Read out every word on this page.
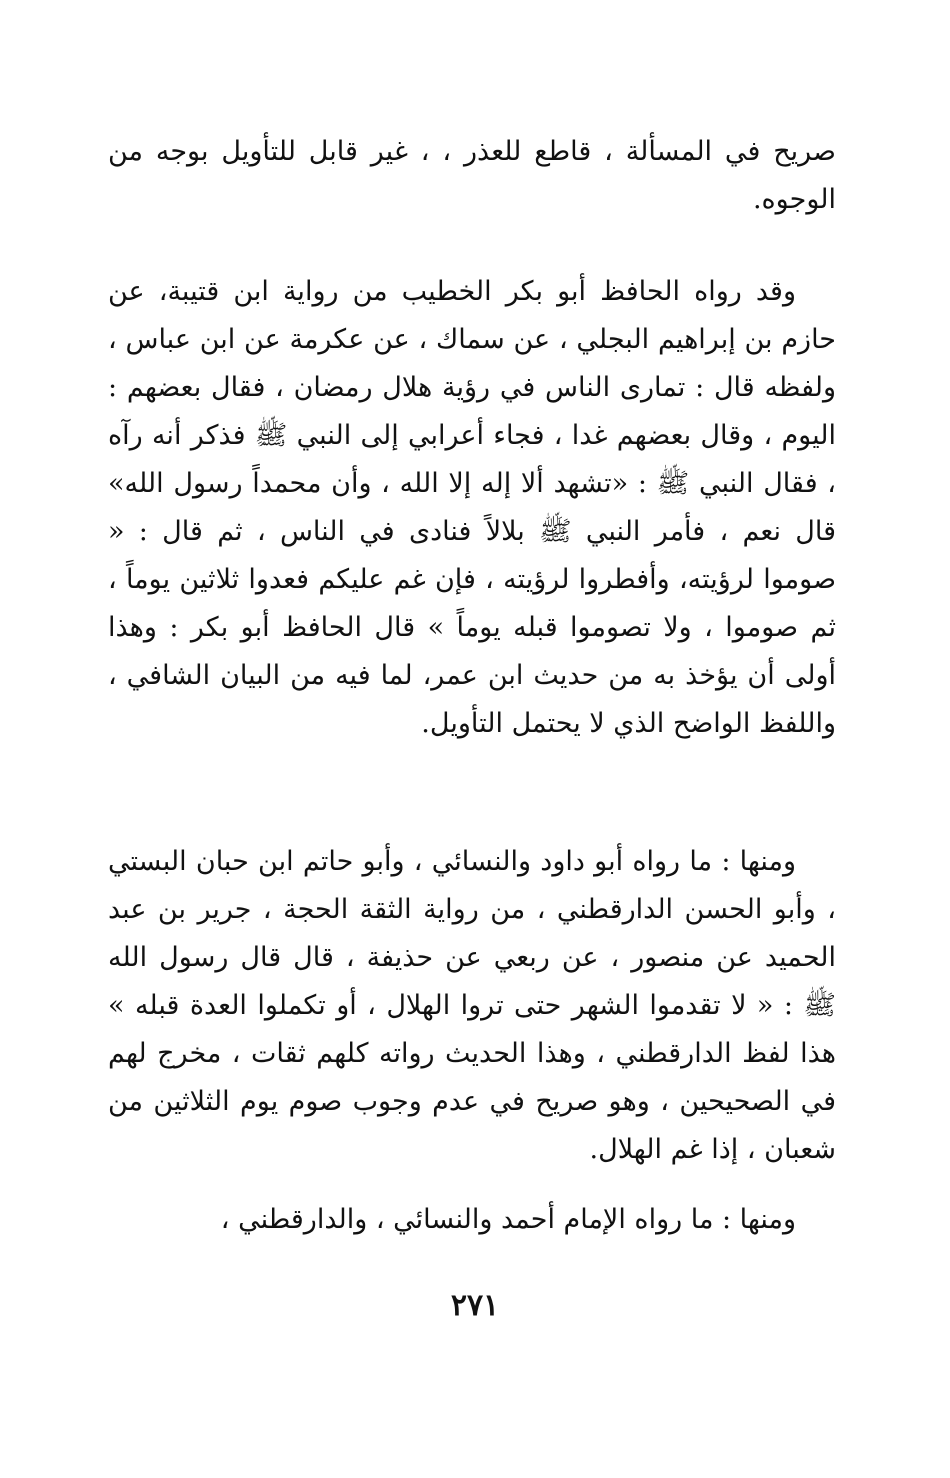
صريح في المسألة ، قاطع للعذر ، ، غير قابل للتأويل بوجه من الوجوه.

وقد رواه الحافظ أبو بكر الخطيب من رواية ابن قتيبة، عن حازم بن إبراهيم البجلي ، عن سماك ، عن عكرمة عن ابن عباس ، ولفظه قال : تمارى الناس في رؤية هلال رمضان ، فقال بعضهم : اليوم ، وقال بعضهم غدا ، فجاء أعرابي إلى النبي ﷺ فذكر أنه رآه ، فقال النبي ﷺ : «تشهد ألا إله إلا الله ، وأن محمداً رسول الله» قال نعم ، فأمر النبي ﷺ بلالاً فنادى في الناس ، ثم قال : « صوموا لرؤيته، وأفطروا لرؤيته ، فإن غم عليكم فعدوا ثلاثين يوماً ، ثم صوموا ، ولا تصوموا قبله يوماً » قال الحافظ أبو بكر : وهذا أولى أن يؤخذ به من حديث ابن عمر، لما فيه من البيان الشافي ، واللفظ الواضح الذي لا يحتمل التأويل.

ومنها : ما رواه أبو داود والنسائي ، وأبو حاتم ابن حبان البستي ، وأبو الحسن الدارقطني ، من رواية الثقة الحجة ، جرير بن عبد الحميد عن منصور ، عن ربعي عن حذيفة ، قال قال رسول الله ﷺ : « لا تقدموا الشهر حتى تروا الهلال ، أو تكملوا العدة قبله » هذا لفظ الدارقطني ، وهذا الحديث رواته كلهم ثقات ، مخرج لهم في الصحيحين ، وهو صريح في عدم وجوب صوم يوم الثلاثين من شعبان ، إذا غم الهلال.

ومنها : ما رواه الإمام أحمد والنسائي ، والدارقطني ،

٢٧١
